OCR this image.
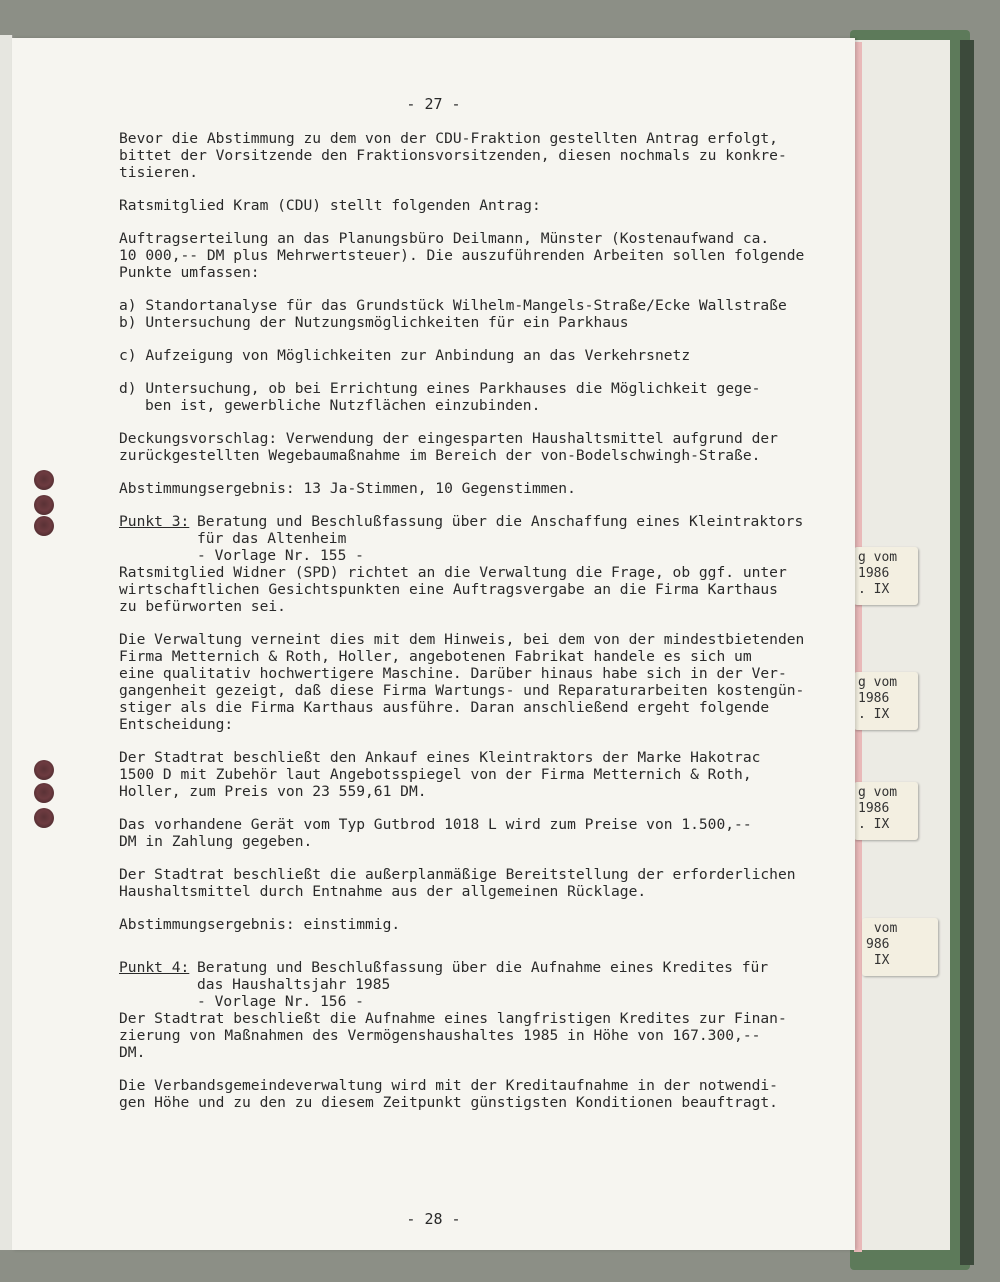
g vom
1986
. IX
g vom
1986
. IX
g vom
1986
. IX
vom
986
IX
- 27 -
Bevor die Abstimmung zu dem von der CDU-Fraktion gestellten Antrag erfolgt,
bittet der Vorsitzende den Fraktionsvorsitzenden, diesen nochmals zu konkre-
tisieren.
Ratsmitglied Kram (CDU) stellt folgenden Antrag:
Auftragserteilung an das Planungsbüro Deilmann, Münster (Kostenaufwand ca.
10 000,-- DM plus Mehrwertsteuer). Die auszuführenden Arbeiten sollen folgende
Punkte umfassen:
a) Standortanalyse für das Grundstück Wilhelm-Mangels-Straße/Ecke Wallstraße
b) Untersuchung der Nutzungsmöglichkeiten für ein Parkhaus
c) Aufzeigung von Möglichkeiten zur Anbindung an das Verkehrsnetz
d) Untersuchung, ob bei Errichtung eines Parkhauses die Möglichkeit gege-
ben ist, gewerbliche Nutzflächen einzubinden.
Deckungsvorschlag: Verwendung der eingesparten Haushaltsmittel aufgrund der
zurückgestellten Wegebaumaßnahme im Bereich der von-Bodelschwingh-Straße.
Abstimmungsergebnis: 13 Ja-Stimmen, 10 Gegenstimmen.
Punkt 3: Beratung und Beschlußfassung über die Anschaffung eines Kleintraktors
für das Altenheim
- Vorlage Nr. 155 -
Ratsmitglied Widner (SPD) richtet an die Verwaltung die Frage, ob ggf. unter
wirtschaftlichen Gesichtspunkten eine Auftragsvergabe an die Firma Karthaus
zu befürworten sei.
Die Verwaltung verneint dies mit dem Hinweis, bei dem von der mindestbietenden
Firma Metternich & Roth, Holler, angebotenen Fabrikat handele es sich um
eine qualitativ hochwertigere Maschine. Darüber hinaus habe sich in der Ver-
gangenheit gezeigt, daß diese Firma Wartungs- und Reparaturarbeiten kostengün-
stiger als die Firma Karthaus ausführe. Daran anschließend ergeht folgende
Entscheidung:
Der Stadtrat beschließt den Ankauf eines Kleintraktors der Marke Hakotrac
1500 D mit Zubehör laut Angebotsspiegel von der Firma Metternich & Roth,
Holler, zum Preis von 23 559,61 DM.
Das vorhandene Gerät vom Typ Gutbrod 1018 L wird zum Preise von 1.500,--
DM in Zahlung gegeben.
Der Stadtrat beschließt die außerplanmäßige Bereitstellung der erforderlichen
Haushaltsmittel durch Entnahme aus der allgemeinen Rücklage.
Abstimmungsergebnis: einstimmig.
Punkt 4: Beratung und Beschlußfassung über die Aufnahme eines Kredites für
das Haushaltsjahr 1985
- Vorlage Nr. 156 -
Der Stadtrat beschließt die Aufnahme eines langfristigen Kredites zur Finan-
zierung von Maßnahmen des Vermögenshaushaltes 1985 in Höhe von 167.300,--
DM.
Die Verbandsgemeindeverwaltung wird mit der Kreditaufnahme in der notwendi-
gen Höhe und zu den zu diesem Zeitpunkt günstigsten Konditionen beauftragt.
- 28 -
